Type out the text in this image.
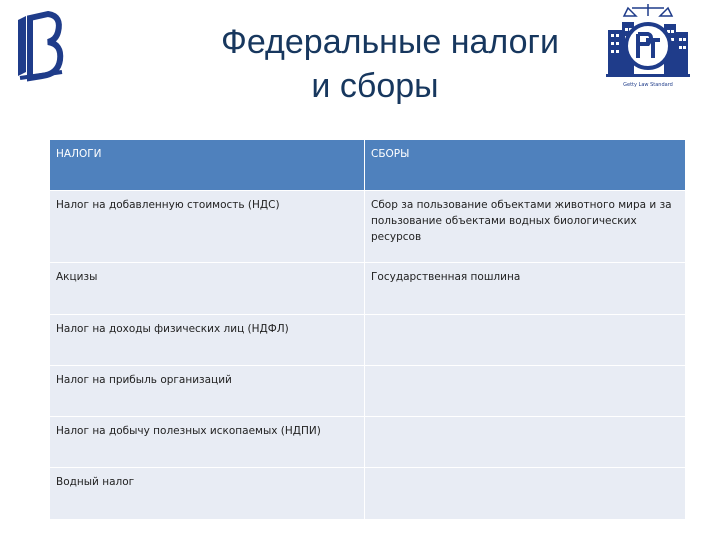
Федеральные налоги
и сборы	Getty Law Standard
НАЛОГИ	СБОРЫ
Налог на добавленную стоимость (НДС)	Сбор за пользование объектами животного мира и за пользование объектами водных биологических ресурсов
Акцизы	Государственная пошлина
Налог на доходы физических лиц (НДФЛ)	
Налог на прибыль организаций	
Налог на добычу полезных ископаемых (НДПИ)	
Водный налог	
